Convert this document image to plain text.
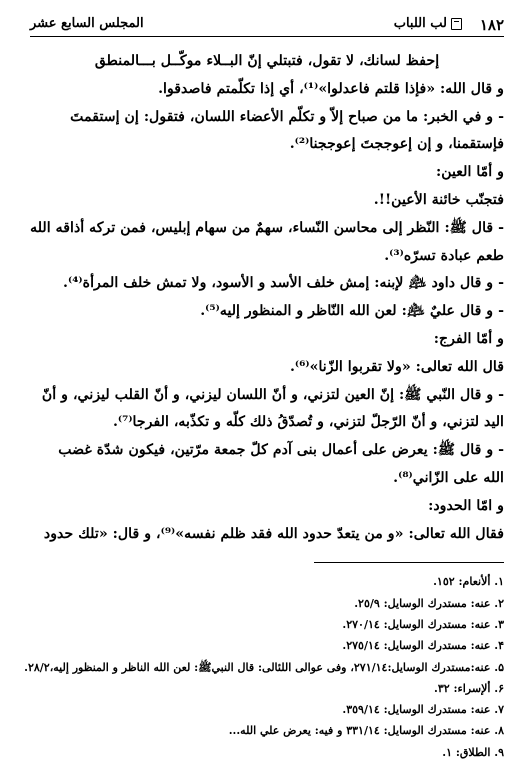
١٨٢
لب اللباب
المجلس السابع عشر
إحفظ لسانك، لا تقول، فتبتلي إنّ البــلاء موكّــل بـــالمنطق
و قال الله: «فإذا قلتم فاعدلوا»⁽¹⁾، أي إذا تكلّمتم فاصدقوا.
- و في الخبر: ما من صباح إلاّ و تكلّم الأعضاء اللسان، فتقول: إن إستقمتَ
فإستقمنا، و إن إعوججتَ إعوججنا⁽²⁾.
و أمّا العين:
فتجنّب خائنة الأعين!!.
- قال ﷺ: النّظر إلى محاسن النّساء، سهمٌ من سهام إبليس، فمن تركه أذاقه الله
طعم عبادة تسرّه⁽³⁾.
- و قال داود ﵇ لإبنه: إمش خلف الأسد و الأسود، ولا تمش خلف المرأة⁽⁴⁾.
- و قال عليٌ ﵇: لعن الله النّاظر و المنظور إليه⁽⁵⁾.
و أمّا الفرج:
قال الله تعالى: «ولا تقربوا الزّنا»⁽⁶⁾.
- و قال النّبي ﷺ: إنّ العين لتزني، و أنّ اللسان ليزني، و أنّ القلب ليزني، و أنّ
اليد لتزني، و أنّ الرّجلّ لتزني، و تُصدّقُ ذلك كلّه و تكذّبه، الفرجا⁽⁷⁾.
- و قال ﷺ: يعرض على أعمال بنى آدم كلّ جمعة مرّتين، فيكون شدّة غضب
الله على الزّاني⁽⁸⁾.
و امّا الحدود:
فقال الله تعالى: «و من يتعدّ حدود الله فقد ظلم نفسه»⁽⁹⁾، و قال: «تلك حدود
١. ألأنعام: ١٥٢.
٢. عنه: مستدرك الوسايل: ٢٥/٩.
٣. عنه: مستدرك الوسايل: ٢٧٠/١٤.
۴. عنه: مستدرك الوسايل: ٢٧٥/١٤.
۵. عنه:مستدرك الوسايل:٢٧١/١٤، وفى عوالى اللئالى: قال النبيﷺ: لعن الله الناظر و المنظور إليه،٢٨/٢.
۶. ألإسراء: ٣٢.
٧. عنه: مستدرك الوسايل: ٣٥٩/١٤.
٨. عنه: مستدرك الوسايل: ٣٣١/١٤ و فيه: يعرض علي الله...
٩. الطلاق: ١.
